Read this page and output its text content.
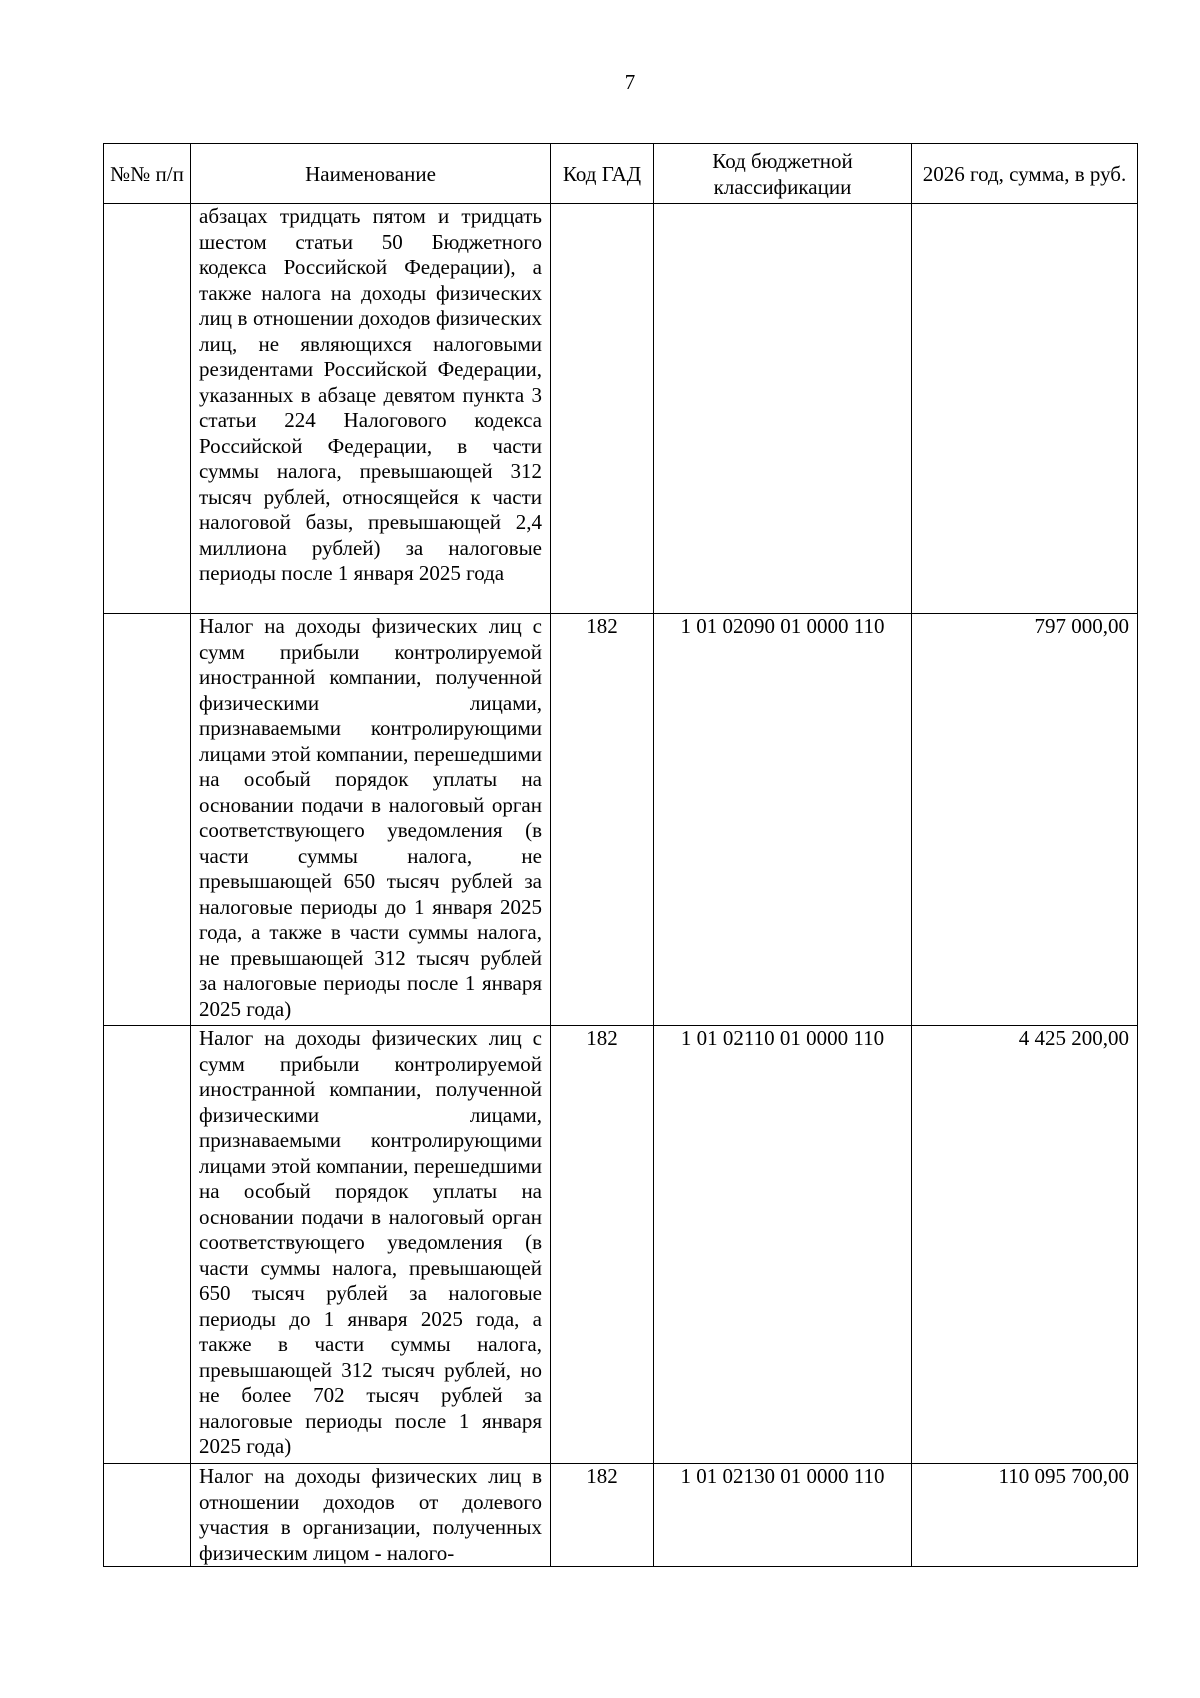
7
№№ п/п	Наименование	Код ГАД	Код бюджетной классификации	2026 год, сумма, в руб.
	абзацах тридцать пятом и тридцать шестом статьи 50 Бюджетного кодекса Российской Федерации), а также налога на доходы физических лиц в отношении доходов физических лиц, не являющихся налоговыми резидентами Российской Федерации, указанных в абзаце девятом пункта 3 статьи 224 Налогового кодекса Российской Федерации, в части суммы налога, превышающей 312 тысяч рублей, относящейся к части налоговой базы, превышающей 2,4 миллиона рублей) за налоговые периоды после 1 января 2025 года			
	Налог на доходы физических лиц с сумм прибыли контролируемой иностранной компании, полученной физическими лицами, признаваемыми контролирующими лицами этой компании, перешедшими на особый порядок уплаты на основании подачи в налоговый орган соответствующего уведомления (в части суммы налога, не превышающей 650 тысяч рублей за налоговые периоды до 1 января 2025 года, а также в части суммы налога, не превышающей 312 тысяч рублей за налоговые периоды после 1 января 2025 года)	182	1 01 02090 01 0000 110	797 000,00
	Налог на доходы физических лиц с сумм прибыли контролируемой иностранной компании, полученной физическими лицами, признаваемыми контролирующими лицами этой компании, перешедшими на особый порядок уплаты на основании подачи в налоговый орган соответствующего уведомления (в части суммы налога, превышающей 650 тысяч рублей за налоговые периоды до 1 января 2025 года, а также в части суммы налога, превышающей 312 тысяч рублей, но не более 702 тысяч рублей за налоговые периоды после 1 января 2025 года)	182	1 01 02110 01 0000 110	4 425 200,00
	Налог на доходы физических лиц в отношении доходов от долевого участия в организации, полученных физическим лицом - налого-	182	1 01 02130 01 0000 110	110 095 700,00
